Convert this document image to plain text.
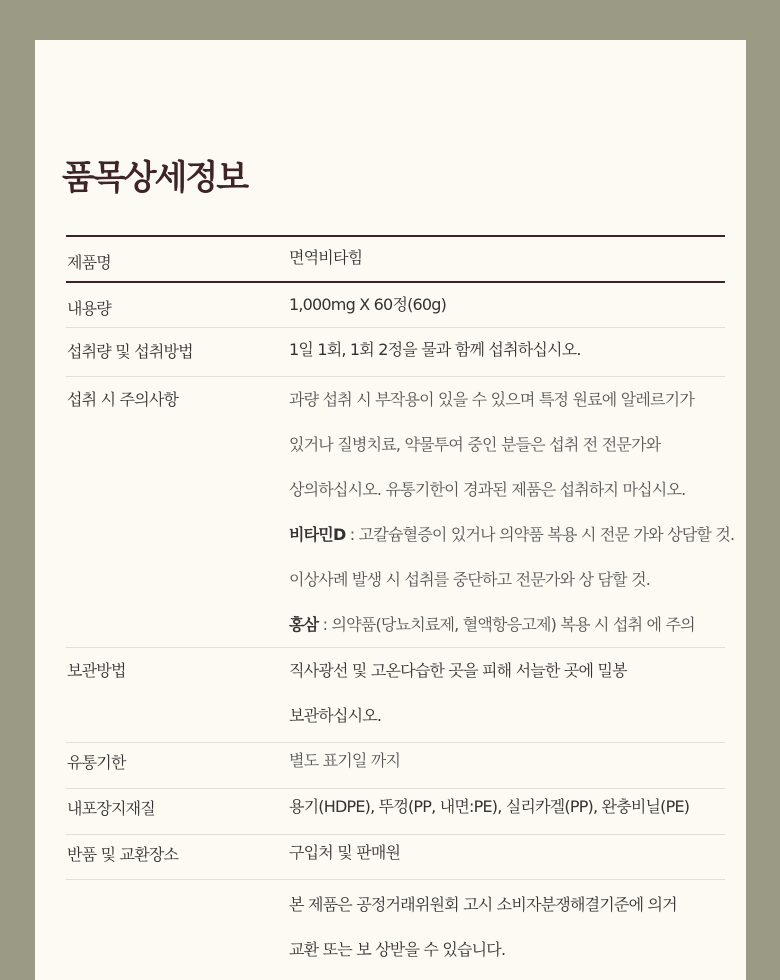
품목상세정보
제품명	면역비타힘
내용량	1,000mg X 60정(60g)
섭취량 및 섭취방법	1일 1회, 1회 2정을 물과 함께 섭취하십시오.
섭취 시 주의사항	과량 섭취 시 부작용이 있을 수 있으며 특정 원료에 알레르기가
있거나 질병치료, 약물투여 중인 분들은 섭취 전 전문가와
상의하십시오. 유통기한이 경과된 제품은 섭취하지 마십시오.
비타민D : 고칼슘혈증이 있거나 의약품 복용 시 전문 가와 상담할 것.
이상사례 발생 시 섭취를 중단하고 전문가와 상 담할 것.
홍삼 : 의약품(당뇨치료제, 혈액항응고제) 복용 시 섭취 에 주의
보관방법	직사광선 및 고온다습한 곳을 피해 서늘한 곳에 밀봉
보관하십시오.
유통기한	별도 표기일 까지
내포장지재질	용기(HDPE), 뚜껑(PP, 내면:PE), 실리카겔(PP), 완충비닐(PE)
반품 및 교환장소	구입처 및 판매원
본 제품은 공정거래위원회 고시 소비자분쟁해결기준에 의거
교환 또는 보 상받을 수 있습니다.
